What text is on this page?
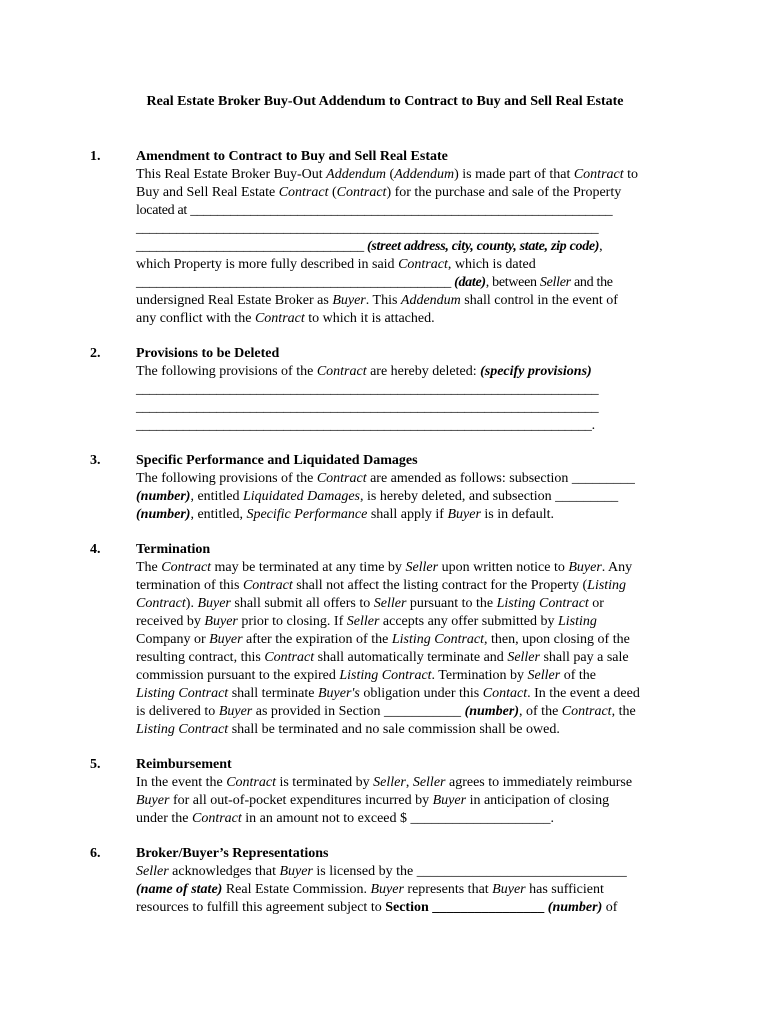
Real Estate Broker Buy-Out Addendum to Contract to Buy and Sell Real Estate
1.	Amendment to Contract to Buy and Sell Real Estate
This Real Estate Broker Buy-Out Addendum (Addendum) is made part of that Contract to
Buy and Sell Real Estate Contract (Contract) for the purchase and sale of the Property
located at _______________________________________________________________
_____________________________________________________________________
__________________________________ (street address, city, county, state, zip code),
which Property is more fully described in said Contract, which is dated
_______________________________________________ (date), between Seller and the
undersigned Real Estate Broker as Buyer. This Addendum shall control in the event of
any conflict with the Contract to which it is attached.
2.	Provisions to be Deleted
The following provisions of the Contract are hereby deleted: (specify provisions)
_____________________________________________________________________
_____________________________________________________________________
____________________________________________________________________.
3.	Specific Performance and Liquidated Damages
The following provisions of the Contract are amended as follows: subsection _________
(number), entitled Liquidated Damages, is hereby deleted, and subsection _________
(number), entitled, Specific Performance shall apply if Buyer is in default.
4.	Termination
The Contract may be terminated at any time by Seller upon written notice to Buyer. Any
termination of this Contract shall not affect the listing contract for the Property (Listing
Contract). Buyer shall submit all offers to Seller pursuant to the Listing Contract or
received by Buyer prior to closing. If Seller accepts any offer submitted by Listing
Company or Buyer after the expiration of the Listing Contract, then, upon closing of the
resulting contract, this Contract shall automatically terminate and Seller shall pay a sale
commission pursuant to the expired Listing Contract. Termination by Seller of the
Listing Contract shall terminate Buyer's obligation under this Contact. In the event a deed
is delivered to Buyer as provided in Section ___________ (number), of the Contract, the
Listing Contract shall be terminated and no sale commission shall be owed.
5.	Reimbursement
In the event the Contract is terminated by Seller, Seller agrees to immediately reimburse
Buyer for all out-of-pocket expenditures incurred by Buyer in anticipation of closing
under the Contract in an amount not to exceed $ ____________________.
6.	Broker/Buyer’s Representations
Seller acknowledges that Buyer is licensed by the ______________________________
(name of state) Real Estate Commission. Buyer represents that Buyer has sufficient
resources to fulfill this agreement subject to Section ________________ (number) of
